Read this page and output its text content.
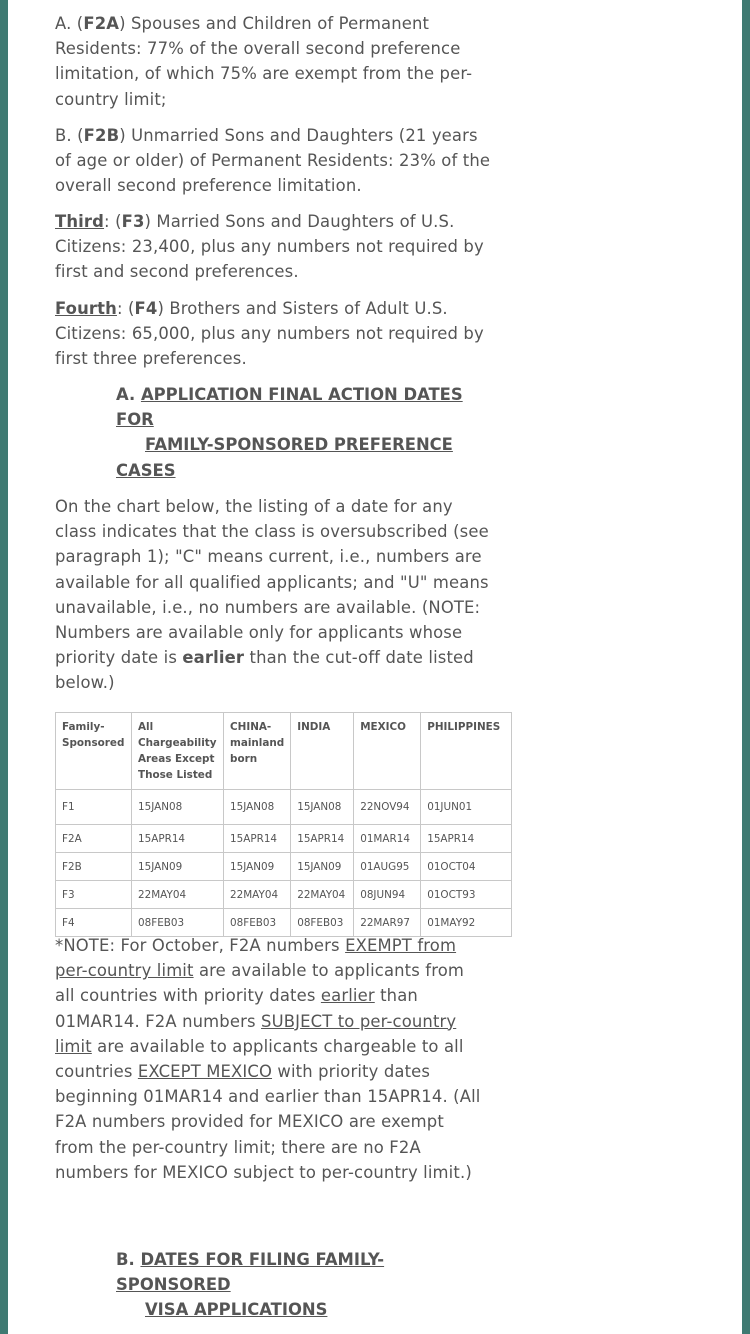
A. (F2A) Spouses and Children of Permanent Residents: 77% of the overall second preference limitation, of which 75% are exempt from the per-country limit;
B. (F2B) Unmarried Sons and Daughters (21 years of age or older) of Permanent Residents: 23% of the overall second preference limitation.
Third: (F3) Married Sons and Daughters of U.S. Citizens: 23,400, plus any numbers not required by first and second preferences.
Fourth: (F4) Brothers and Sisters of Adult U.S. Citizens: 65,000, plus any numbers not required by first three preferences.
A. APPLICATION FINAL ACTION DATES FOR
FAMILY-SPONSORED PREFERENCE
CASES
On the chart below, the listing of a date for any class indicates that the class is oversubscribed (see paragraph 1); "C" means current, i.e., numbers are available for all qualified applicants; and "U" means unavailable, i.e., no numbers are available. (NOTE: Numbers are available only for applicants whose priority date is earlier than the cut-off date listed below.)
Family-Sponsored	All Chargeability Areas Except Those Listed	CHINA-mainland born	INDIA	MEXICO	PHILIPPINES
F1	15JAN08	15JAN08	15JAN08	22NOV94	01JUN01
F2A	15APR14	15APR14	15APR14	01MAR14	15APR14
F2B	15JAN09	15JAN09	15JAN09	01AUG95	01OCT04
F3	22MAY04	22MAY04	22MAY04	08JUN94	01OCT93
F4	08FEB03	08FEB03	08FEB03	22MAR97	01MAY92
*NOTE: For October, F2A numbers EXEMPT from per-country limit are available to applicants from all countries with priority dates earlier than 01MAR14. F2A numbers SUBJECT to per-country limit are available to applicants chargeable to all countries EXCEPT MEXICO with priority dates beginning 01MAR14 and earlier than 15APR14. (All F2A numbers provided for MEXICO are exempt from the per-country limit; there are no F2A numbers for MEXICO subject to per-country limit.)
B. DATES FOR FILING FAMILY-SPONSORED
VISA APPLICATIONS
